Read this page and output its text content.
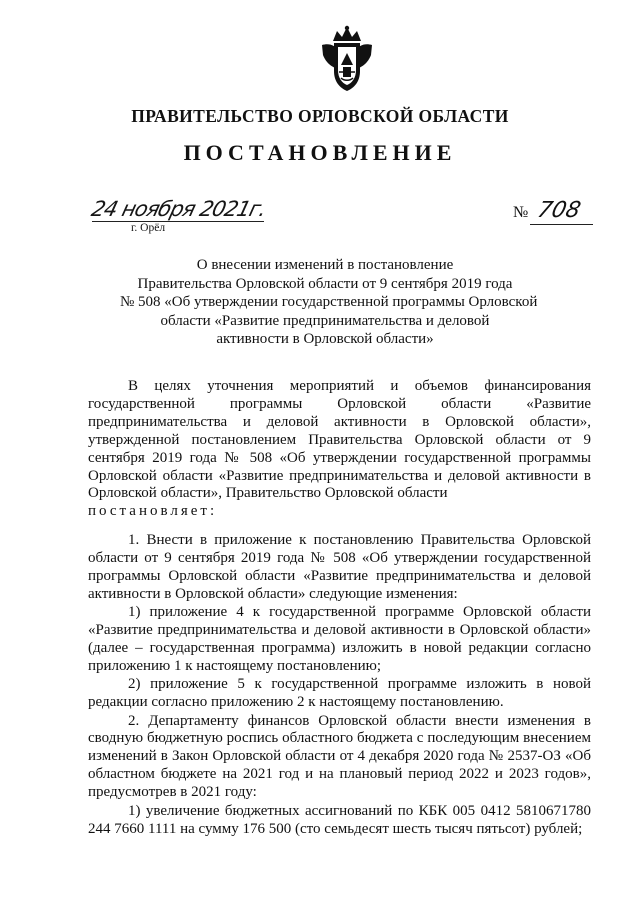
ПРАВИТЕЛЬСТВО ОРЛОВСКОЙ ОБЛАСТИ
ПОСТАНОВЛЕНИЕ
24 ноября 2021г.
г. Орёл
№ 708
О внесении изменений в постановление
Правительства Орловской области от 9 сентября 2019 года
№ 508 «Об утверждении государственной программы Орловской
области «Развитие предпринимательства и деловой
активности в Орловской области»

В целях уточнения мероприятий и объемов финансирования государственной программы Орловской области «Развитие предпринимательства и деловой активности в Орловской области», утвержденной постановлением Правительства Орловской области от 9 сентября 2019 года № 508 «Об утверждении государственной программы Орловской области «Развитие предпринимательства и деловой активности в Орловской области», Правительство Орловской области

постановляет:

1. Внести в приложение к постановлению Правительства Орловской области от 9 сентября 2019 года № 508 «Об утверждении государственной программы Орловской области «Развитие предпринимательства и деловой активности в Орловской области» следующие изменения:

1) приложение 4 к государственной программе Орловской области «Развитие предпринимательства и деловой активности в Орловской области» (далее – государственная программа) изложить в новой редакции согласно приложению 1 к настоящему постановлению;

2) приложение 5 к государственной программе изложить в новой редакции согласно приложению 2 к настоящему постановлению.

2. Департаменту финансов Орловской области внести изменения в сводную бюджетную роспись областного бюджета с последующим внесением изменений в Закон Орловской области от 4 декабря 2020 года № 2537-ОЗ «Об областном бюджете на 2021 год и на плановый период 2022 и 2023 годов», предусмотрев в 2021 году:

1) увеличение бюджетных ассигнований по КБК 005 0412 5810671780 244 7660 1111 на сумму 176 500 (сто семьдесят шесть тысяч пятьсот) рублей;
